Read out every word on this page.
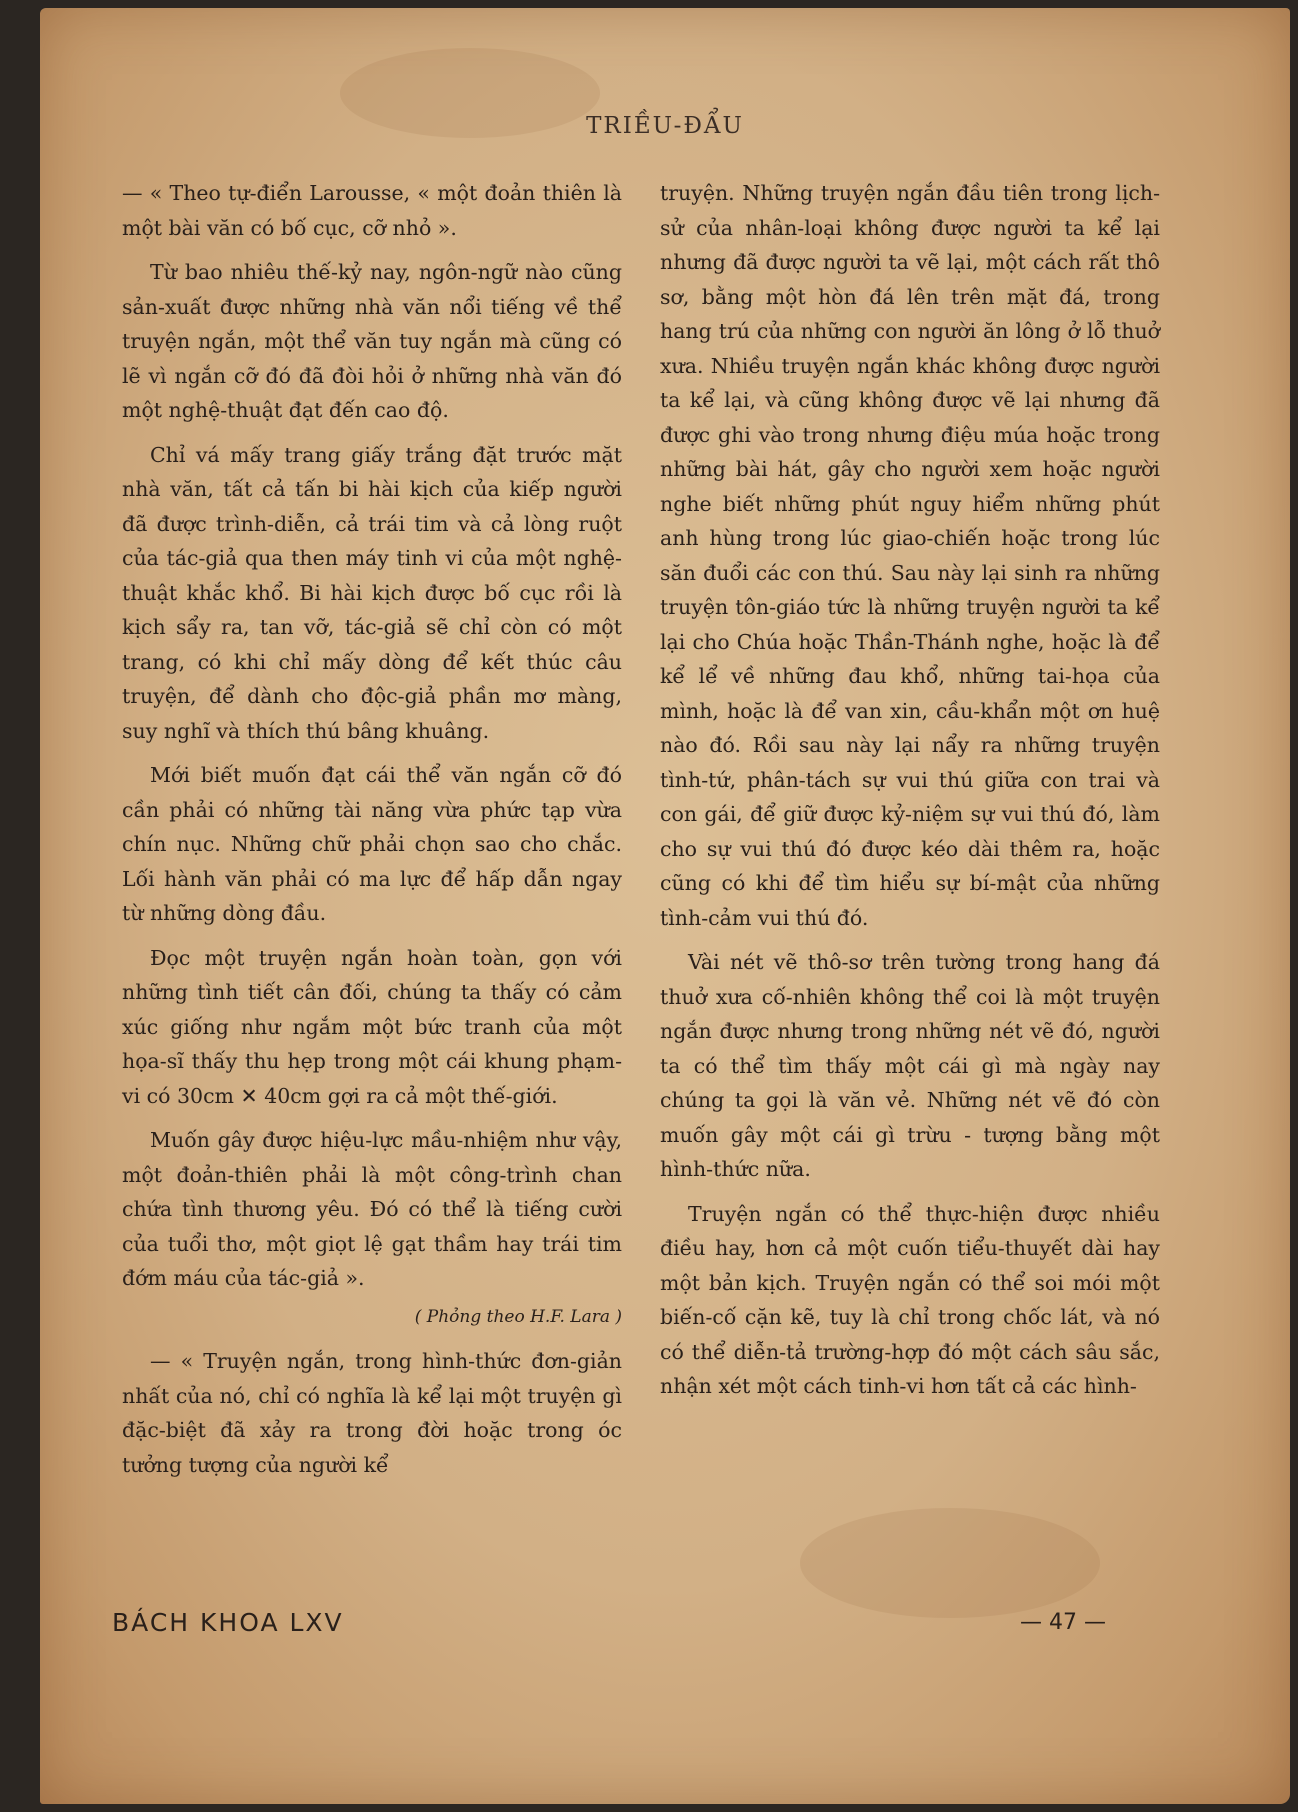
TRIỀU-ĐẨU

— « Theo tự-điển Larousse, « một đoản thiên là một bài văn có bố cục, cỡ nhỏ ».

Từ bao nhiêu thế-kỷ nay, ngôn-ngữ nào cũng sản-xuất được những nhà văn nổi tiếng về thể truyện ngắn, một thể văn tuy ngắn mà cũng có lẽ vì ngắn cỡ đó đã đòi hỏi ở những nhà văn đó một nghệ-thuật đạt đến cao độ.

Chỉ vá mấy trang giấy trắng đặt trước mặt nhà văn, tất cả tấn bi hài kịch của kiếp người đã được trình-diễn, cả trái tim và cả lòng ruột của tác-giả qua then máy tinh vi của một nghệ-thuật khắc khổ. Bi hài kịch được bố cục rồi là kịch sẩy ra, tan vỡ, tác-giả sẽ chỉ còn có một trang, có khi chỉ mấy dòng để kết thúc câu truyện, để dành cho độc-giả phần mơ màng, suy nghĩ và thích thú bâng khuâng.

Mới biết muốn đạt cái thể văn ngắn cỡ đó cần phải có những tài năng vừa phức tạp vừa chín nục. Những chữ phải chọn sao cho chắc. Lối hành văn phải có ma lực để hấp dẫn ngay từ những dòng đầu.

Đọc một truyện ngắn hoàn toàn, gọn với những tình tiết cân đối, chúng ta thấy có cảm xúc giống như ngắm một bức tranh của một họa-sĩ thấy thu hẹp trong một cái khung phạm-vi có 30cm ✕ 40cm gợi ra cả một thế-giới.

Muốn gây được hiệu-lực mầu-nhiệm như vậy, một đoản-thiên phải là một công-trình chan chứa tình thương yêu. Đó có thể là tiếng cười của tuổi thơ, một giọt lệ gạt thầm hay trái tim đớm máu của tác-giả ».

( Phỏng theo H.F. Lara )

— « Truyện ngắn, trong hình-thức đơn-giản nhất của nó, chỉ có nghĩa là kể lại một truyện gì đặc-biệt đã xảy ra trong đời hoặc trong óc tưởng tượng của người kể

truyện. Những truyện ngắn đầu tiên trong lịch-sử của nhân-loại không được người ta kể lại nhưng đã được người ta vẽ lại, một cách rất thô sơ, bằng một hòn đá lên trên mặt đá, trong hang trú của những con người ăn lông ở lỗ thuở xưa. Nhiều truyện ngắn khác không được người ta kể lại, và cũng không được vẽ lại nhưng đã được ghi vào trong nhưng điệu múa hoặc trong những bài hát, gây cho người xem hoặc người nghe biết những phút nguy hiểm những phút anh hùng trong lúc giao-chiến hoặc trong lúc săn đuổi các con thú. Sau này lại sinh ra những truyện tôn-giáo tức là những truyện người ta kể lại cho Chúa hoặc Thần-Thánh nghe, hoặc là để kể lể về những đau khổ, những tai-họa của mình, hoặc là để van xin, cầu-khẩn một ơn huệ nào đó. Rồi sau này lại nẩy ra những truyện tình-tứ, phân-tách sự vui thú giữa con trai và con gái, để giữ được kỷ-niệm sự vui thú đó, làm cho sự vui thú đó được kéo dài thêm ra, hoặc cũng có khi để tìm hiểu sự bí-mật của những tình-cảm vui thú đó.

Vài nét vẽ thô-sơ trên tường trong hang đá thuở xưa cố-nhiên không thể coi là một truyện ngắn được nhưng trong những nét vẽ đó, người ta có thể tìm thấy một cái gì mà ngày nay chúng ta gọi là văn vẻ. Những nét vẽ đó còn muốn gây một cái gì trừu - tượng bằng một hình-thức nữa.

Truyện ngắn có thể thực-hiện được nhiều điều hay, hơn cả một cuốn tiểu-thuyết dài hay một bản kịch. Truyện ngắn có thể soi mói một biến-cố cặn kẽ, tuy là chỉ trong chốc lát, và nó có thể diễn-tả trường-hợp đó một cách sâu sắc, nhận xét một cách tinh-vi hơn tất cả các hình-

BÁCH KHOA LXV	— 47 —
